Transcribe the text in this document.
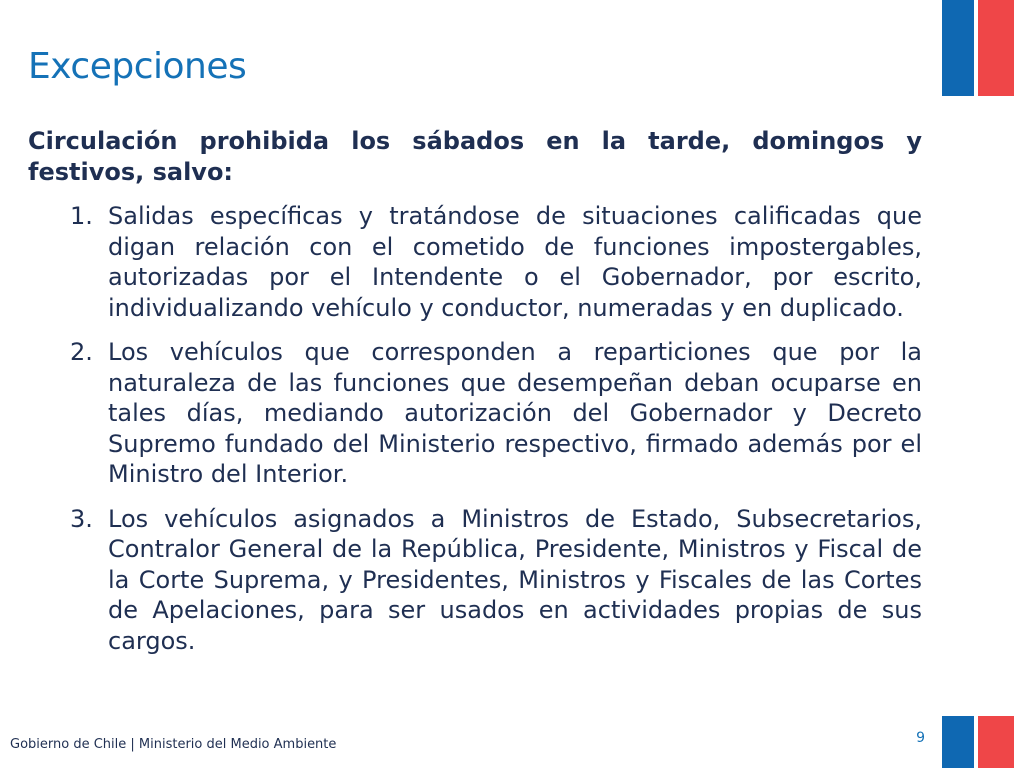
Excepciones

Circulación prohibida los sábados en la tarde, domingos y festivos, salvo:

1. Salidas específicas y tratándose de situaciones calificadas que digan relación con el cometido de funciones impostergables, autorizadas por el Intendente o el Gobernador, por escrito, individualizando vehículo y conductor, numeradas y en duplicado.
2. Los vehículos que corresponden a reparticiones que por la naturaleza de las funciones que desempeñan deban ocuparse en tales días, mediando autorización del Gobernador y Decreto Supremo fundado del Ministerio respectivo, firmado además por el Ministro del Interior.
3. Los vehículos asignados a Ministros de Estado, Subsecretarios, Contralor General de la República, Presidente, Ministros y Fiscal de la Corte Suprema, y Presidentes, Ministros y Fiscales de las Cortes de Apelaciones, para ser usados en actividades propias de sus cargos.
Gobierno de Chile | Ministerio del Medio Ambiente	9
